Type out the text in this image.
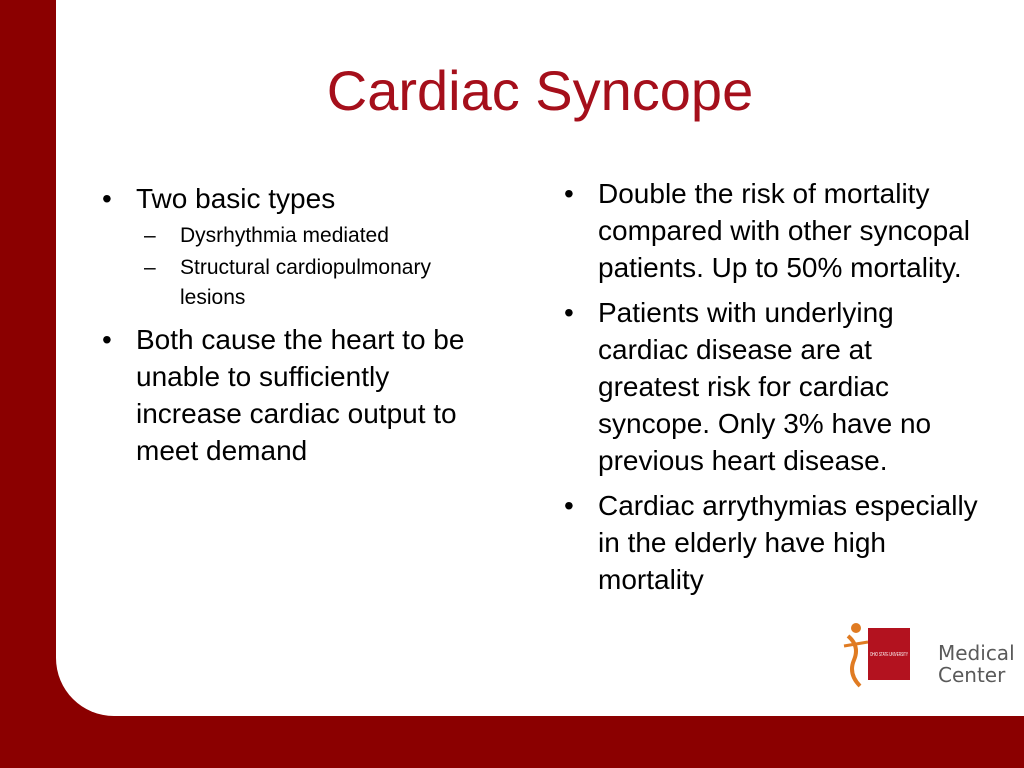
Cardiac Syncope
• Two basic types
– Dysrhythmia mediated
– Structural cardiopulmonary lesions
• Both cause the heart to be unable to sufficiently increase cardiac output to meet demand
• Double the risk of mortality compared with other syncopal patients. Up to 50% mortality.
• Patients with underlying cardiac disease are at greatest risk for cardiac syncope. Only 3% have no previous heart disease.
• Cardiac arrythymias especially in the elderly have high mortality
OHIO STATE UNIVERSITY Medical
Center
